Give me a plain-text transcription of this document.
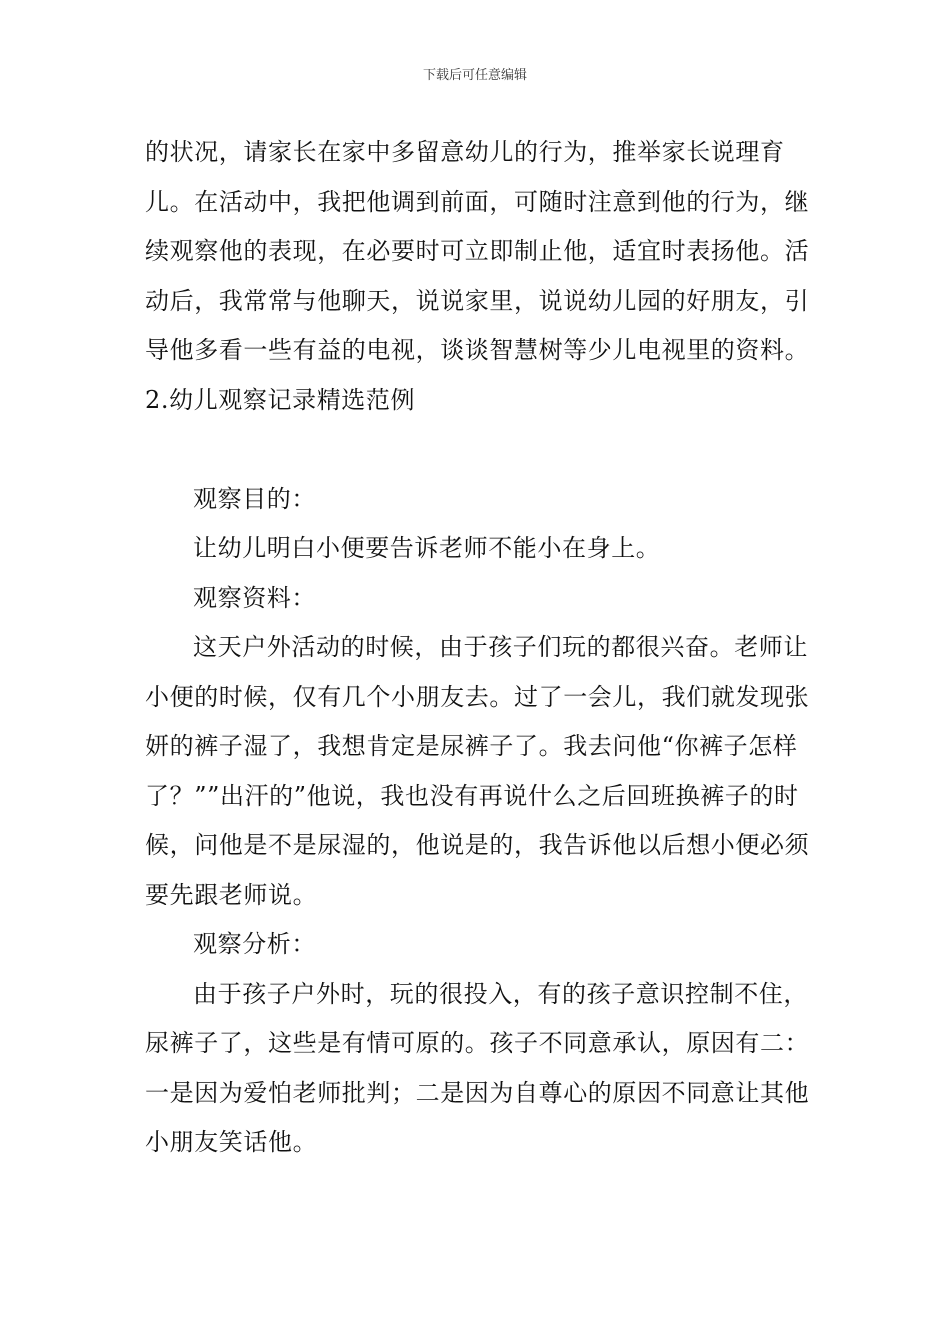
下载后可任意编辑

的状况，请家长在家中多留意幼儿的行为，推举家长说理育儿。在活动中，我把他调到前面，可随时注意到他的行为，继续观察他的表现，在必要时可立即制止他，适宜时表扬他。活动后，我常常与他聊天，说说家里，说说幼儿园的好朋友，引导他多看一些有益的电视，谈谈智慧树等少儿电视里的资料。

2.幼儿观察记录精选范例

观察目的：

让幼儿明白小便要告诉老师不能小在身上。

观察资料：

这天户外活动的时候，由于孩子们玩的都很兴奋。老师让小便的时候，仅有几个小朋友去。过了一会儿，我们就发现张妍的裤子湿了，我想肯定是尿裤子了。我去问他“你裤子怎样了？””出汗的”他说，我也没有再说什么之后回班换裤子的时候，问他是不是尿湿的，他说是的，我告诉他以后想小便必须要先跟老师说。

观察分析：

由于孩子户外时，玩的很投入，有的孩子意识控制不住，尿裤子了，这些是有情可原的。孩子不同意承认，原因有二：一是因为爱怕老师批判；二是因为自尊心的原因不同意让其他小朋友笑话他。
